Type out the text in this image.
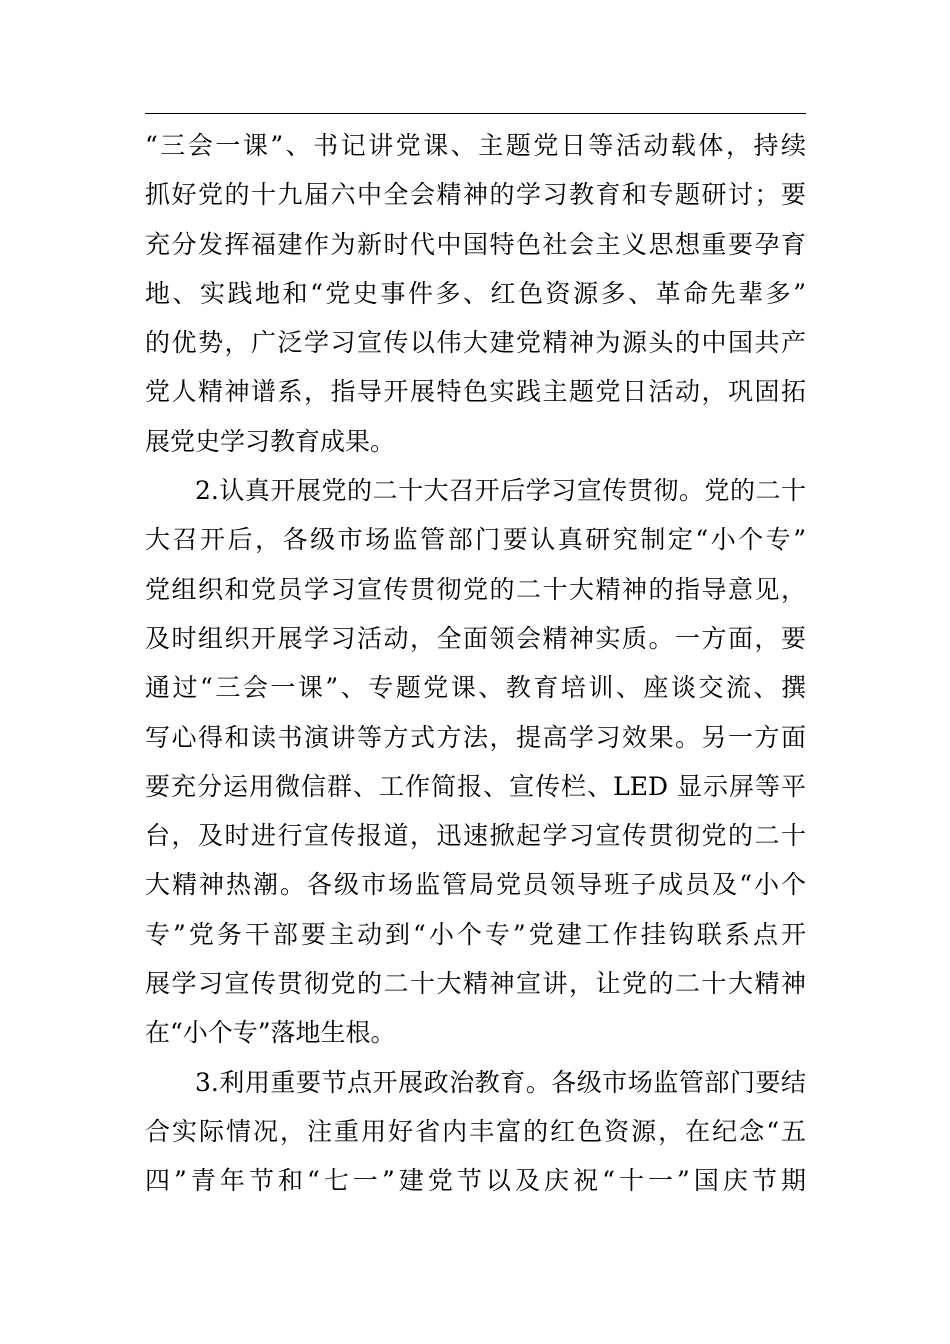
“三会一课”、书记讲党课、主题党日等活动载体，持续
抓好党的十九届六中全会精神的学习教育和专题研讨；要
充分发挥福建作为新时代中国特色社会主义思想重要孕育
地、实践地和“党史事件多、红色资源多、革命先辈多”
的优势，广泛学习宣传以伟大建党精神为源头的中国共产
党人精神谱系，指导开展特色实践主题党日活动，巩固拓
展党史学习教育成果。
2.认真开展党的二十大召开后学习宣传贯彻。党的二十
大召开后，各级市场监管部门要认真研究制定“小个专”
党组织和党员学习宣传贯彻党的二十大精神的指导意见，
及时组织开展学习活动，全面领会精神实质。一方面，要
通过“三会一课”、专题党课、教育培训、座谈交流、撰
写心得和读书演讲等方式方法，提高学习效果。另一方面
要充分运用微信群、工作简报、宣传栏、LED 显示屏等平
台，及时进行宣传报道，迅速掀起学习宣传贯彻党的二十
大精神热潮。各级市场监管局党员领导班子成员及“小个
专”党务干部要主动到“小个专”党建工作挂钩联系点开
展学习宣传贯彻党的二十大精神宣讲，让党的二十大精神
在“小个专”落地生根。
3.利用重要节点开展政治教育。各级市场监管部门要结
合实际情况，注重用好省内丰富的红色资源，在纪念“五
四”青年节和“七一”建党节以及庆祝“十一”国庆节期
